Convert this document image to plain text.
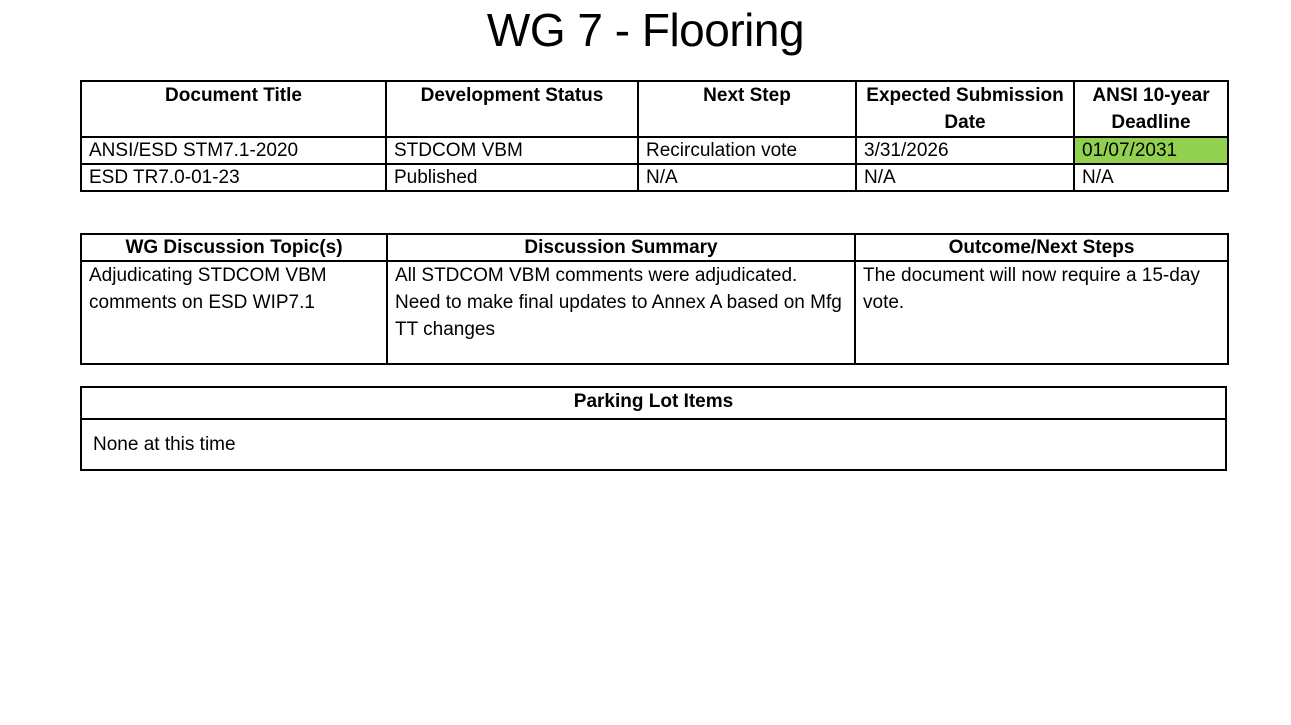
WG 7 - Flooring
Document Title	Development Status	Next Step	Expected Submission Date	ANSI 10-year Deadline
ANSI/ESD STM7.1-2020	STDCOM VBM	Recirculation vote	3/31/2026	01/07/2031
ESD TR7.0-01-23	Published	N/A	N/A	N/A
WG Discussion Topic(s)	Discussion Summary	Outcome/Next Steps
Adjudicating STDCOM VBM comments on ESD WIP7.1	All STDCOM VBM comments were adjudicated. Need to make final updates to Annex A based on Mfg TT changes	The document will now require a 15-day vote.
Parking Lot Items
None at this time
